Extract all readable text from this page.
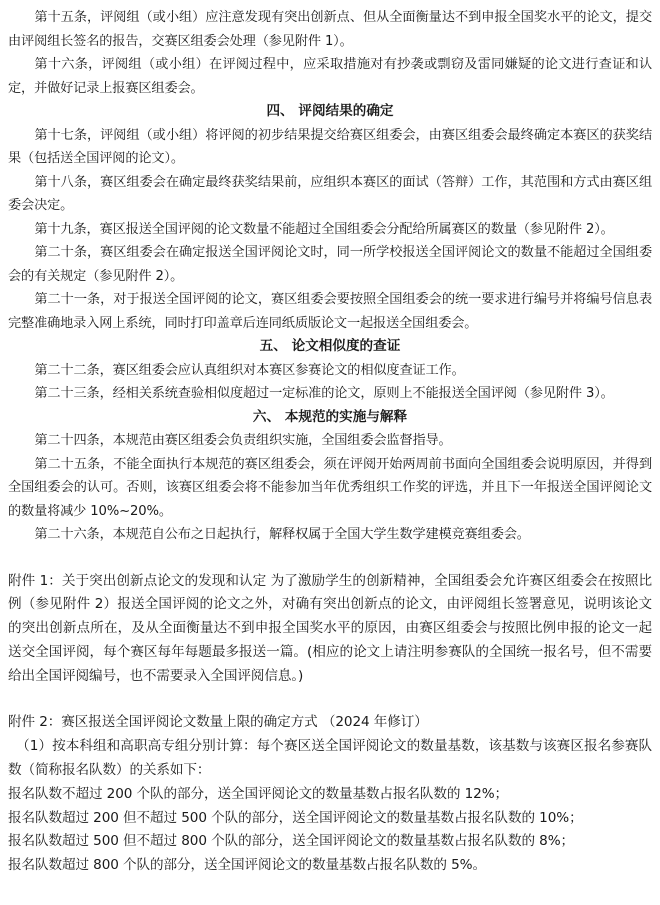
第十五条，评阅组（或小组）应注意发现有突出创新点、但从全面衡量达不到申报全国奖水平的论文，提交由评阅组长签名的报告，交赛区组委会处理（参见附件 1）。

第十六条，评阅组（或小组）在评阅过程中，应采取措施对有抄袭或剽窃及雷同嫌疑的论文进行查证和认定，并做好记录上报赛区组委会。

四、 评阅结果的确定

第十七条，评阅组（或小组）将评阅的初步结果提交给赛区组委会，由赛区组委会最终确定本赛区的获奖结果（包括送全国评阅的论文）。

第十八条，赛区组委会在确定最终获奖结果前，应组织本赛区的面试（答辩）工作，其范围和方式由赛区组委会决定。

第十九条，赛区报送全国评阅的论文数量不能超过全国组委会分配给所属赛区的数量（参见附件 2）。

第二十条，赛区组委会在确定报送全国评阅论文时，同一所学校报送全国评阅论文的数量不能超过全国组委会的有关规定（参见附件 2）。

第二十一条，对于报送全国评阅的论文，赛区组委会要按照全国组委会的统一要求进行编号并将编号信息表完整准确地录入网上系统，同时打印盖章后连同纸质版论文一起报送全国组委会。

五、 论文相似度的查证

第二十二条，赛区组委会应认真组织对本赛区参赛论文的相似度查证工作。

第二十三条，经相关系统查验相似度超过一定标准的论文，原则上不能报送全国评阅（参见附件 3）。

六、 本规范的实施与解释

第二十四条，本规范由赛区组委会负责组织实施，全国组委会监督指导。

第二十五条，不能全面执行本规范的赛区组委会，须在评阅开始两周前书面向全国组委会说明原因，并得到全国组委会的认可。否则，该赛区组委会将不能参加当年优秀组织工作奖的评选，并且下一年报送全国评阅论文的数量将减少 10%~20%。

第二十六条，本规范自公布之日起执行，解释权属于全国大学生数学建模竞赛组委会。

附件 1：关于突出创新点论文的发现和认定 为了激励学生的创新精神，全国组委会允许赛区组委会在按照比例（参见附件 2）报送全国评阅的论文之外，对确有突出创新点的论文，由评阅组长签署意见，说明该论文的突出创新点所在，及从全面衡量达不到申报全国奖水平的原因，由赛区组委会与按照比例申报的论文一起送交全国评阅，每个赛区每年每题最多报送一篇。(相应的论文上请注明参赛队的全国统一报名号，但不需要给出全国评阅编号，也不需要录入全国评阅信息。)

附件 2：赛区报送全国评阅论文数量上限的确定方式 （2024 年修订）

（1）按本科组和高职高专组分别计算：每个赛区送全国评阅论文的数量基数，该基数与该赛区报名参赛队数（简称报名队数）的关系如下：

报名队数不超过 200 个队的部分，送全国评阅论文的数量基数占报名队数的 12%；

报名队数超过 200 但不超过 500 个队的部分，送全国评阅论文的数量基数占报名队数的 10%；

报名队数超过 500 但不超过 800 个队的部分，送全国评阅论文的数量基数占报名队数的 8%；

报名队数超过 800 个队的部分，送全国评阅论文的数量基数占报名队数的 5%。
